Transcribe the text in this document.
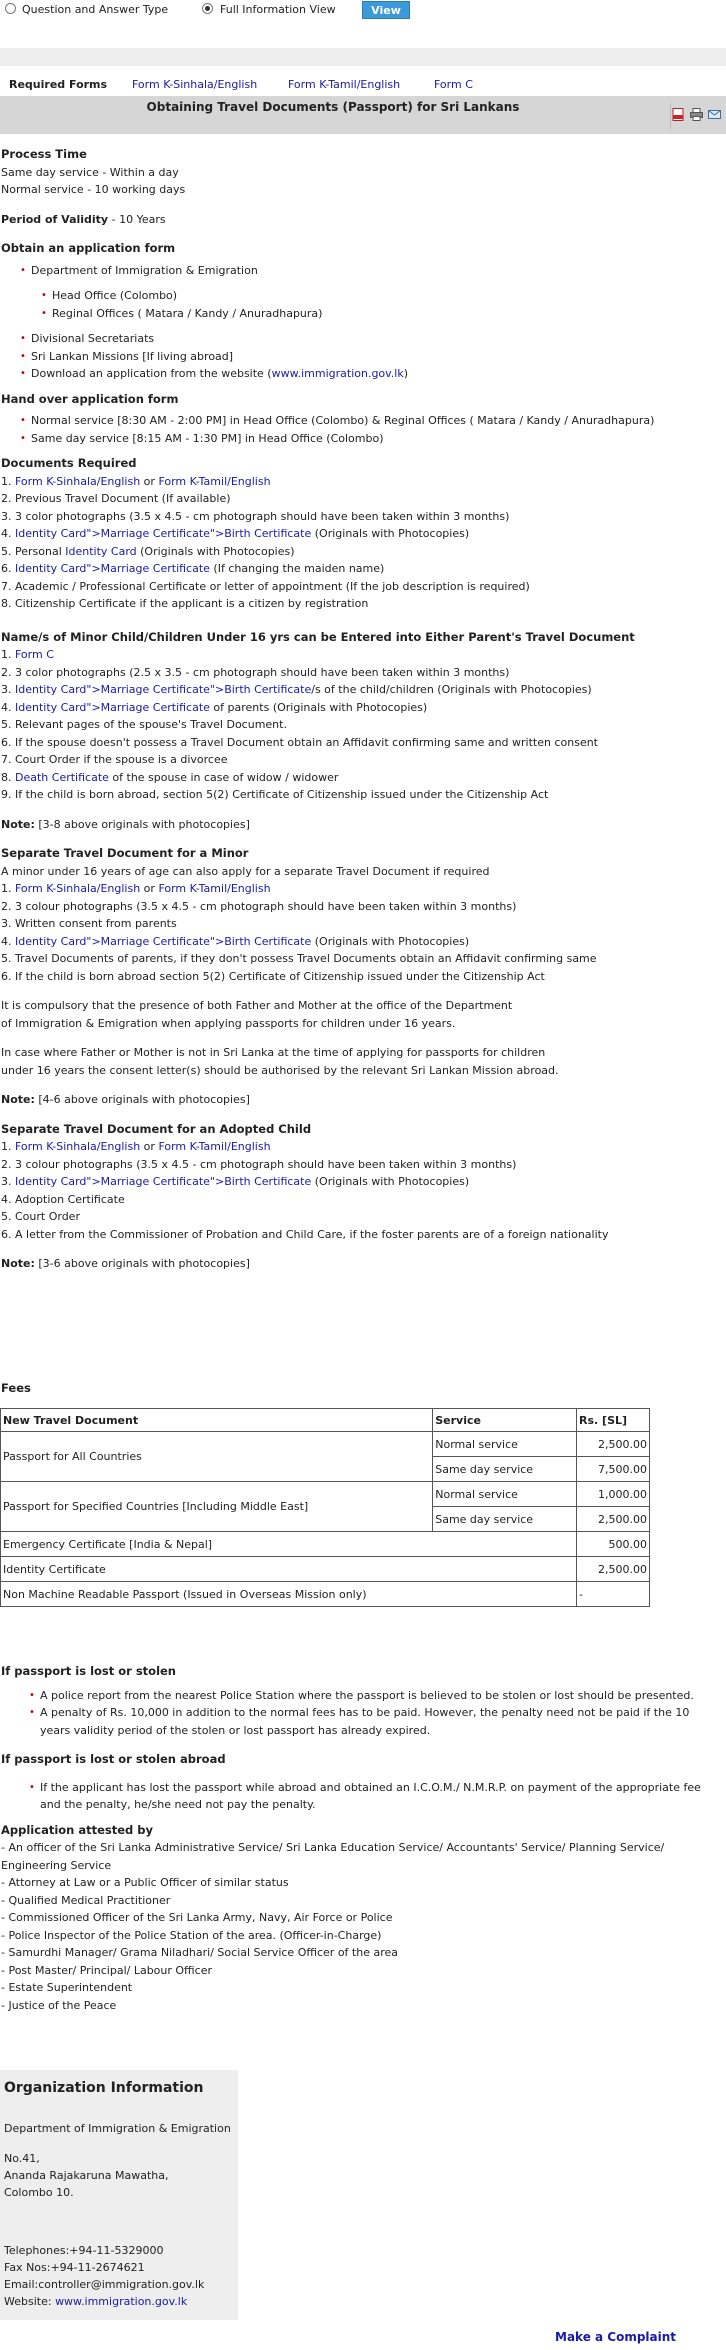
Question and Answer Type	Full Information View	View
Required Forms Form K-Sinhala/English	Form K-Tamil/English	Form C
Obtaining Travel Documents (Passport) for Sri Lankans
Process Time

Same day service - Within a day

Normal service - 10 working days

Period of Validity - 10 Years

Obtain an application form
• Department of Immigration & Emigration
• Head Office (Colombo)
• Reginal Offices ( Matara / Kandy / Anuradhapura)
• Divisional Secretariats
• Sri Lankan Missions [If living abroad]
• Download an application from the website (www.immigration.gov.lk)
Hand over application form
• Normal service [8:30 AM - 2:00 PM] in Head Office (Colombo) & Reginal Offices ( Matara / Kandy / Anuradhapura)
• Same day service [8:15 AM - 1:30 PM] in Head Office (Colombo)
Documents Required

1. Form K-Sinhala/English or Form K-Tamil/English

2. Previous Travel Document (If available)

3. 3 color photographs (3.5 x 4.5 - cm photograph should have been taken within 3 months)

4. Identity Card">Marriage Certificate">Birth Certificate (Originals with Photocopies)

5. Personal Identity Card (Originals with Photocopies)

6. Identity Card">Marriage Certificate (If changing the maiden name)

7. Academic / Professional Certificate or letter of appointment (If the job description is required)

8. Citizenship Certificate if the applicant is a citizen by registration

Name/s of Minor Child/Children Under 16 yrs can be Entered into Either Parent's Travel Document

1. Form C

2. 3 color photographs (2.5 x 3.5 - cm photograph should have been taken within 3 months)

3. Identity Card">Marriage Certificate">Birth Certificate/s of the child/children (Originals with Photocopies)

4. Identity Card">Marriage Certificate of parents (Originals with Photocopies)

5. Relevant pages of the spouse's Travel Document.

6. If the spouse doesn't possess a Travel Document obtain an Affidavit confirming same and written consent

7. Court Order if the spouse is a divorcee

8. Death Certificate of the spouse in case of widow / widower

9. If the child is born abroad, section 5(2) Certificate of Citizenship issued under the Citizenship Act

Note: [3-8 above originals with photocopies]

Separate Travel Document for a Minor

A minor under 16 years of age can also apply for a separate Travel Document if required

1. Form K-Sinhala/English or Form K-Tamil/English

2. 3 colour photographs (3.5 x 4.5 - cm photograph should have been taken within 3 months)

3. Written consent from parents

4. Identity Card">Marriage Certificate">Birth Certificate (Originals with Photocopies)

5. Travel Documents of parents, if they don't possess Travel Documents obtain an Affidavit confirming same

6. If the child is born abroad section 5(2) Certificate of Citizenship issued under the Citizenship Act

It is compulsory that the presence of both Father and Mother at the office of the Department

of Immigration & Emigration when applying passports for children under 16 years.

In case where Father or Mother is not in Sri Lanka at the time of applying for passports for children

under 16 years the consent letter(s) should be authorised by the relevant Sri Lankan Mission abroad.

Note: [4-6 above originals with photocopies]

Separate Travel Document for an Adopted Child

1. Form K-Sinhala/English or Form K-Tamil/English

2. 3 colour photographs (3.5 x 4.5 - cm photograph should have been taken within 3 months)

3. Identity Card">Marriage Certificate">Birth Certificate (Originals with Photocopies)

4. Adoption Certificate

5. Court Order

6. A letter from the Commissioner of Probation and Child Care, if the foster parents are of a foreign nationality

Note: [3-6 above originals with photocopies]

Fees
New Travel Document	Service	Rs. [SL]
Passport for All Countries	Normal service	2,500.00
	Same day service	7,500.00
Passport for Specified Countries [Including Middle East]	Normal service	1,000.00
	Same day service	2,500.00
Emergency Certificate [India & Nepal]		500.00
Identity Certificate		2,500.00
Non Machine Readable Passport (Issued in Overseas Mission only)		-
If passport is lost or stolen
• A police report from the nearest Police Station where the passport is believed to be stolen or lost should be presented.
• A penalty of Rs. 10,000 in addition to the normal fees has to be paid. However, the penalty need not be paid if the 10 years validity period of the stolen or lost passport has already expired.
If passport is lost or stolen abroad
• If the applicant has lost the passport while abroad and obtained an I.C.O.M./ N.M.R.P. on payment of the appropriate fee and the penalty, he/she need not pay the penalty.
Application attested by

- An officer of the Sri Lanka Administrative Service/ Sri Lanka Education Service/ Accountants' Service/ Planning Service/ Engineering Service

- Attorney at Law or a Public Officer of similar status

- Qualified Medical Practitioner

- Commissioned Officer of the Sri Lanka Army, Navy, Air Force or Police

- Police Inspector of the Police Station of the area. (Officer-in-Charge)

- Samurdhi Manager/ Grama Niladhari/ Social Service Officer of the area

- Post Master/ Principal/ Labour Officer

- Estate Superintendent

- Justice of the Peace

Organization Information
Department of Immigration & Emigration
No.41,
Ananda Rajakaruna Mawatha,
Colombo 10.
Telephones:+94-11-5329000
Fax Nos:+94-11-2674621
Email:controller@immigration.gov.lk
Website: www.immigration.gov.lk
Make a Complaint
